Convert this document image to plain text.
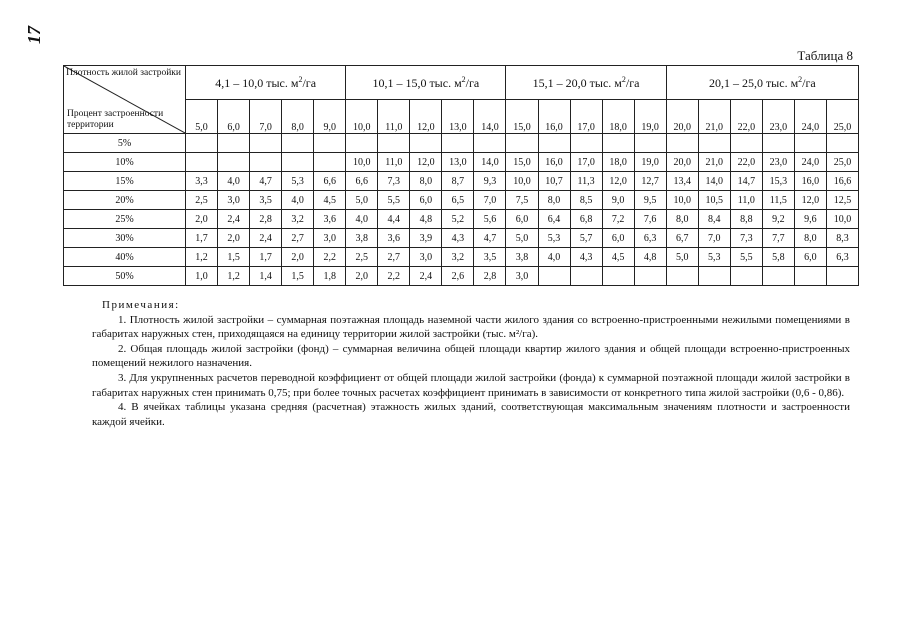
17
Таблица 8
Плотность жилой застройки
Процент застроенности территории	4,1 – 10,0 тыс. $м^2/га$					10,1 – 15,0 тыс. $м^2/га$					15,1 – 20,0 тыс. $м^2/га$					20,1 – 25,0 тыс. $м^2/га$					
	5,0	6,0	7,0	8,0	9,0	10,0	11,0	12,0	13,0	14,0	15,0	16,0	17,0	18,0	19,0	20,0	21,0	22,0	23,0	24,0	25,0
5%																					
10%						10,0	11,0	12,0	13,0	14,0	15,0	16,0	17,0	18,0	19,0	20,0	21,0	22,0	23,0	24,0	25,0
15%	3,3	4,0	4,7	5,3	6,6	6,6	7,3	8,0	8,7	9,3	10,0	10,7	11,3	12,0	12,7	13,4	14,0	14,7	15,3	16,0	16,6
20%	2,5	3,0	3,5	4,0	4,5	5,0	5,5	6,0	6,5	7,0	7,5	8,0	8,5	9,0	9,5	10,0	10,5	11,0	11,5	12,0	12,5
25%	2,0	2,4	2,8	3,2	3,6	4,0	4,4	4,8	5,2	5,6	6,0	6,4	6,8	7,2	7,6	8,0	8,4	8,8	9,2	9,6	10,0
30%	1,7	2,0	2,4	2,7	3,0	3,8	3,6	3,9	4,3	4,7	5,0	5,3	5,7	6,0	6,3	6,7	7,0	7,3	7,7	8,0	8,3
40%	1,2	1,5	1,7	2,0	2,2	2,5	2,7	3,0	3,2	3,5	3,8	4,0	4,3	4,5	4,8	5,0	5,3	5,5	5,8	6,0	6,3
50%	1,0	1,2	1,4	1,5	1,8	2,0	2,2	2,4	2,6	2,8	3,0										
Примечания:

1. Плотность жилой застройки – суммарная поэтажная площадь наземной части жилого здания со встроенно-пристроенными нежилыми помещениями в габаритах наружных стен, приходящаяся на единицу территории жилой застройки (тыс. м²/га).

2. Общая площадь жилой застройки (фонд) – суммарная величина общей площади квартир жилого здания и общей площади встроенно-пристроенных помещений нежилого назначения.

3. Для укрупненных расчетов переводной коэффициент от общей площади жилой застройки (фонда) к суммарной поэтажной площади жилой застройки в габаритах наружных стен принимать 0,75; при более точных расчетах коэффициент принимать в зависимости от конкретного типа жилой застройки (0,6 - 0,86).

4. В ячейках таблицы указана средняя (расчетная) этажность жилых зданий, соответствующая максимальным значениям плотности и застроенности каждой ячейки.
